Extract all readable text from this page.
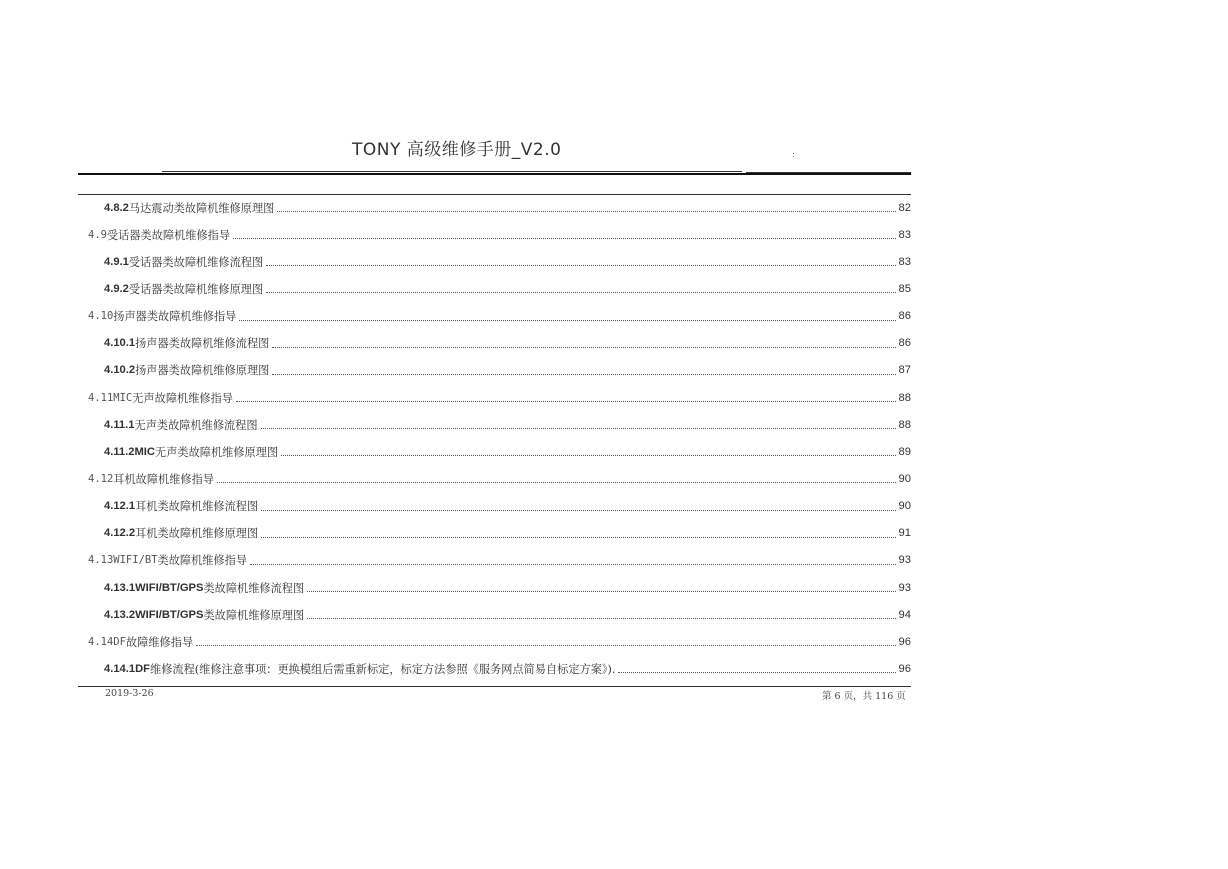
TONY 高级维修手册_V2.0	:
4.8.2 马达震动类故障机维修原理图	82
4.9 受话器类故障机维修指导	83
4.9.1 受话器类故障机维修流程图	83
4.9.2 受话器类故障机维修原理图	85
4.10 扬声器类故障机维修指导	86
4.10.1 扬声器类故障机维修流程图	86
4.10.2 扬声器类故障机维修原理图	87
4.11MIC 无声故障机维修指导	88
4.11.1 无声类故障机维修流程图	88
4.11.2MIC 无声类故障机维修原理图	89
4.12 耳机故障机维修指导	90
4.12.1 耳机类故障机维修流程图	90
4.12.2 耳机类故障机维修原理图	91
4.13WIFI/BT 类故障机维修指导	93
4.13.1WIFI/BT/GPS 类故障机维修流程图	93
4.13.2WIFI/BT/GPS 类故障机维修原理图	94
4.14DF 故障维修指导	96
4.14.1DF 维修流程(维修注意事项：更换模组后需重新标定，标定方法参照《服务网点简易自标定方案》).	96
2019-3-26	第 6 页，共 116 页
